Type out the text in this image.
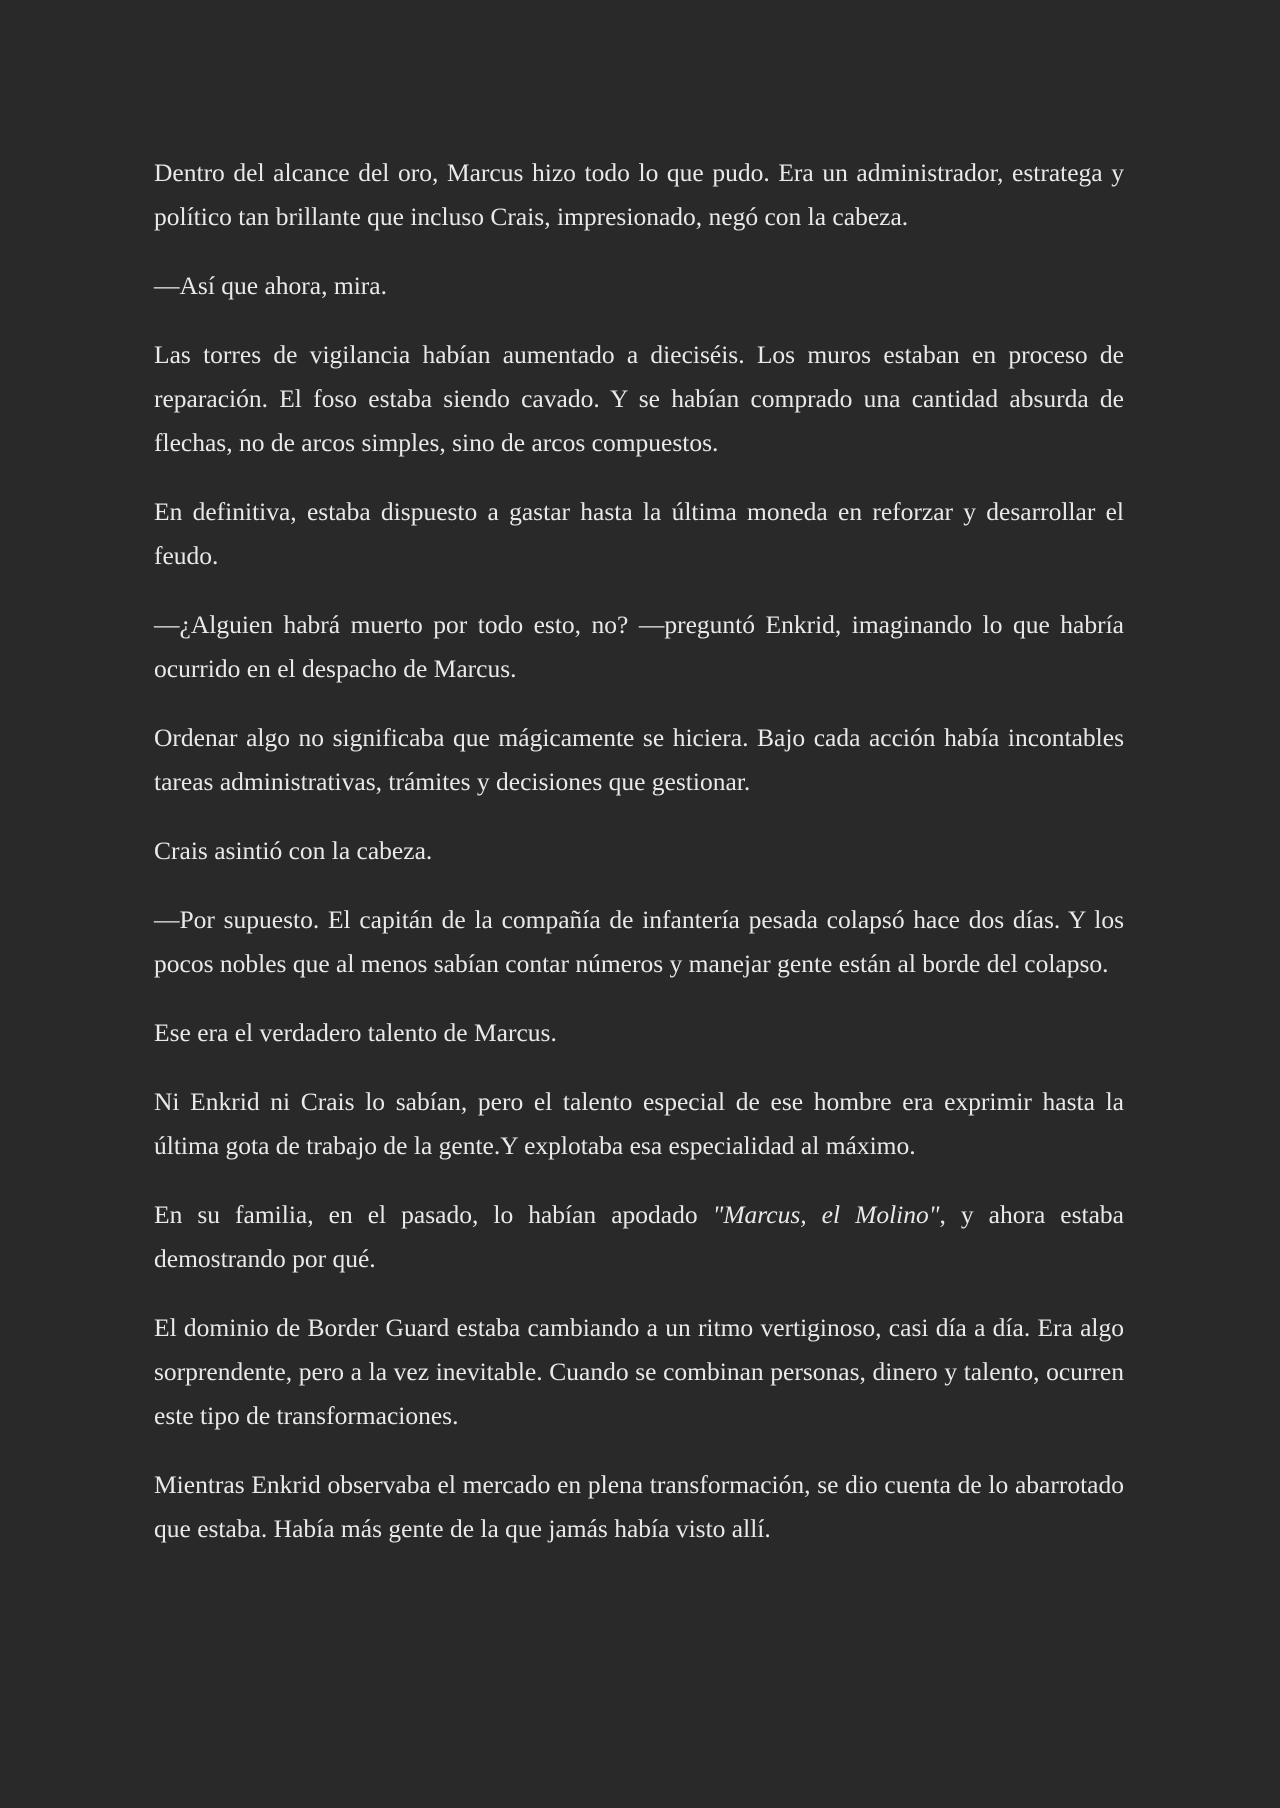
Dentro del alcance del oro, Marcus hizo todo lo que pudo. Era un administrador, estratega y político tan brillante que incluso Crais, impresionado, negó con la cabeza.

—Así que ahora, mira.

Las torres de vigilancia habían aumentado a dieciséis. Los muros estaban en proceso de reparación. El foso estaba siendo cavado. Y se habían comprado una cantidad absurda de flechas, no de arcos simples, sino de arcos compuestos.

En definitiva, estaba dispuesto a gastar hasta la última moneda en reforzar y desarrollar el feudo.

—¿Alguien habrá muerto por todo esto, no? —preguntó Enkrid, imaginando lo que habría ocurrido en el despacho de Marcus.

Ordenar algo no significaba que mágicamente se hiciera. Bajo cada acción había incontables tareas administrativas, trámites y decisiones que gestionar.

Crais asintió con la cabeza.

—Por supuesto. El capitán de la compañía de infantería pesada colapsó hace dos días. Y los pocos nobles que al menos sabían contar números y manejar gente están al borde del colapso.

Ese era el verdadero talento de Marcus.

Ni Enkrid ni Crais lo sabían, pero el talento especial de ese hombre era exprimir hasta la última gota de trabajo de la gente.Y explotaba esa especialidad al máximo.

En su familia, en el pasado, lo habían apodado "Marcus, el Molino", y ahora estaba demostrando por qué.

El dominio de Border Guard estaba cambiando a un ritmo vertiginoso, casi día a día. Era algo sorprendente, pero a la vez inevitable. Cuando se combinan personas, dinero y talento, ocurren este tipo de transformaciones.

Mientras Enkrid observaba el mercado en plena transformación, se dio cuenta de lo abarrotado que estaba. Había más gente de la que jamás había visto allí.
